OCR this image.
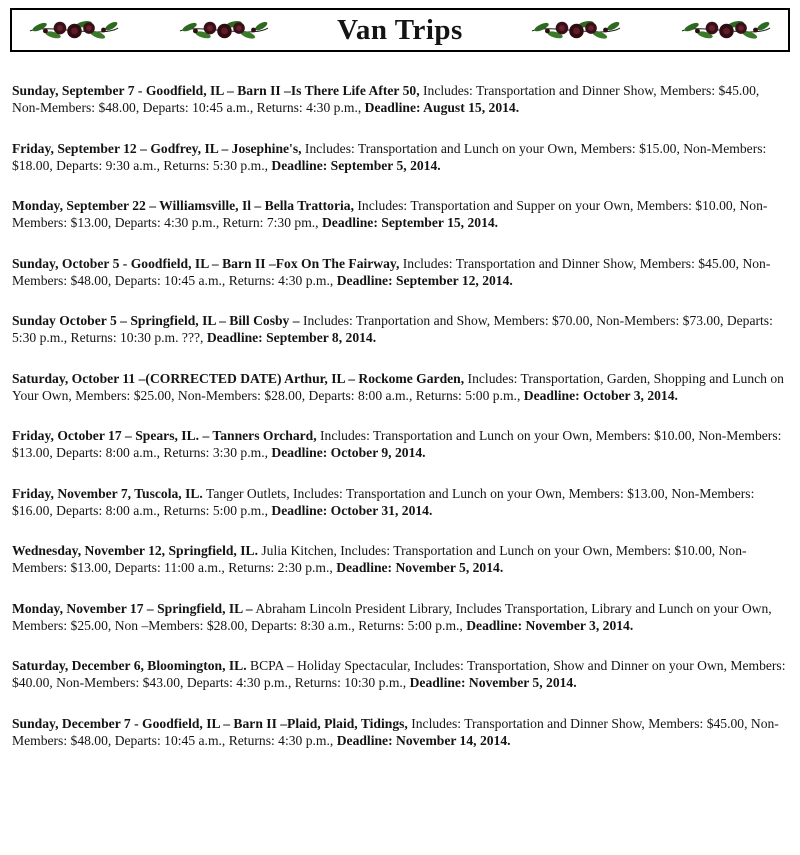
Van Trips

Sunday, September 7 - Goodfield, IL – Barn II –Is There Life After 50, Includes: Transportation and Dinner Show, Members: $45.00, Non-Members: $48.00, Departs: 10:45 a.m., Returns: 4:30 p.m., Deadline: August 15, 2014.

Friday, September 12 – Godfrey, IL – Josephine's, Includes: Transportation and Lunch on your Own, Members: $15.00, Non-Members: $18.00, Departs: 9:30 a.m., Returns: 5:30 p.m., Deadline: September 5, 2014.

Monday, September 22 – Williamsville, Il – Bella Trattoria, Includes: Transportation and Supper on your Own, Members: $10.00, Non-Members: $13.00, Departs: 4:30 p.m., Return: 7:30 pm., Deadline: September 15, 2014.

Sunday, October 5 - Goodfield, IL – Barn II –Fox On The Fairway, Includes: Transportation and Dinner Show, Members: $45.00, Non-Members: $48.00, Departs: 10:45 a.m., Returns: 4:30 p.m., Deadline: September 12, 2014.

Sunday October 5 – Springfield, IL – Bill Cosby – Includes: Tranportation and Show, Members: $70.00, Non-Members: $73.00, Departs: 5:30 p.m., Returns: 10:30 p.m. ???, Deadline: September 8, 2014.

Saturday, October 11 –(CORRECTED DATE) Arthur, IL – Rockome Garden, Includes: Transportation, Garden, Shopping and Lunch on Your Own, Members: $25.00, Non-Members: $28.00, Departs: 8:00 a.m., Returns: 5:00 p.m., Deadline: October 3, 2014.

Friday, October 17 – Spears, IL. – Tanners Orchard, Includes: Transportation and Lunch on your Own, Members: $10.00, Non-Members: $13.00, Departs: 8:00 a.m., Returns: 3:30 p.m., Deadline: October 9, 2014.

Friday, November 7, Tuscola, IL. Tanger Outlets, Includes: Transportation and Lunch on your Own, Members: $13.00, Non-Members: $16.00, Departs: 8:00 a.m., Returns: 5:00 p.m., Deadline: October 31, 2014.

Wednesday, November 12, Springfield, IL. Julia Kitchen, Includes: Transportation and Lunch on your Own, Members: $10.00, Non-Members: $13.00, Departs: 11:00 a.m., Returns: 2:30 p.m., Deadline: November 5, 2014.

Monday, November 17 – Springfield, IL – Abraham Lincoln President Library, Includes Transportation, Library and Lunch on your Own, Members: $25.00, Non –Members: $28.00, Departs: 8:30 a.m., Returns: 5:00 p.m., Deadline: November 3, 2014.

Saturday, December 6, Bloomington, IL. BCPA – Holiday Spectacular, Includes: Transportation, Show and Dinner on your Own, Members: $40.00, Non-Members: $43.00, Departs: 4:30 p.m., Returns: 10:30 p.m., Deadline: November 5, 2014.

Sunday, December 7 - Goodfield, IL – Barn II –Plaid, Plaid, Tidings, Includes: Transportation and Dinner Show, Members: $45.00, Non-Members: $48.00, Departs: 10:45 a.m., Returns: 4:30 p.m., Deadline: November 14, 2014.
